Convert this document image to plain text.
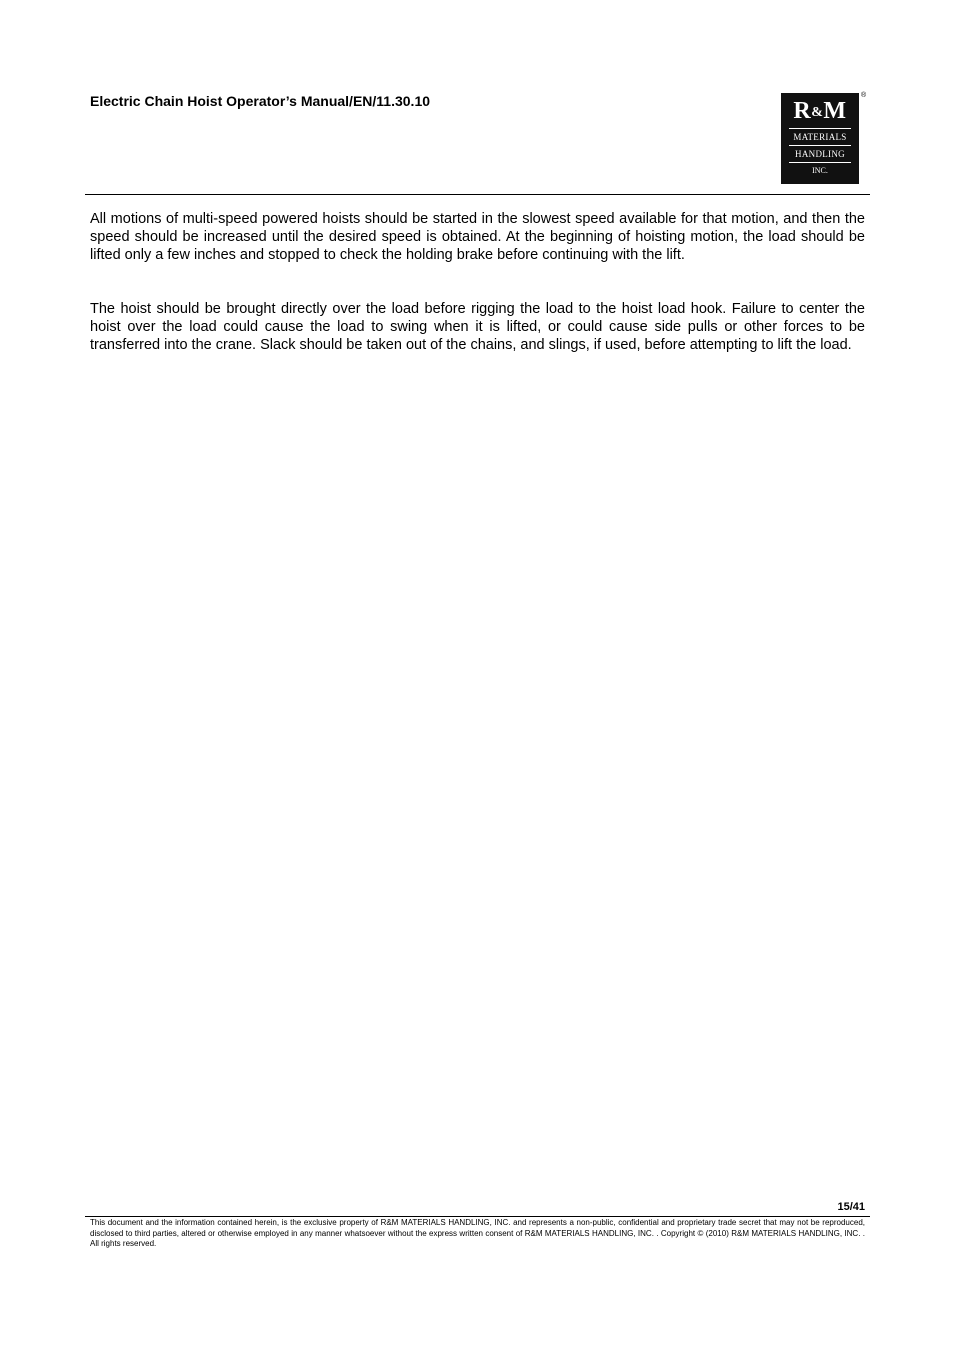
Electric Chain Hoist Operator’s Manual/EN/11.30.10	R&M
MATERIALS
HANDLING
INC.
®

All motions of multi-speed powered hoists should be started in the slowest speed available for that motion, and then the speed should be increased until the desired speed is obtained. At the beginning of hoisting motion, the load should be lifted only a few inches and stopped to check the holding brake before continuing with the lift.

The hoist should be brought directly over the load before rigging the load to the hoist load hook. Failure to center the hoist over the load could cause the load to swing when it is lifted, or could cause side pulls or other forces to be transferred into the crane. Slack should be taken out of the chains, and slings, if used, before attempting to lift the load.

15/41

This document and the information contained herein, is the exclusive property of R&M MATERIALS HANDLING, INC. and represents a non-public, confidential and proprietary trade secret that may not be reproduced, disclosed to third parties, altered or otherwise employed in any manner whatsoever without the express written consent of R&M MATERIALS HANDLING, INC. . Copyright © (2010) R&M MATERIALS HANDLING, INC. . All rights reserved.
